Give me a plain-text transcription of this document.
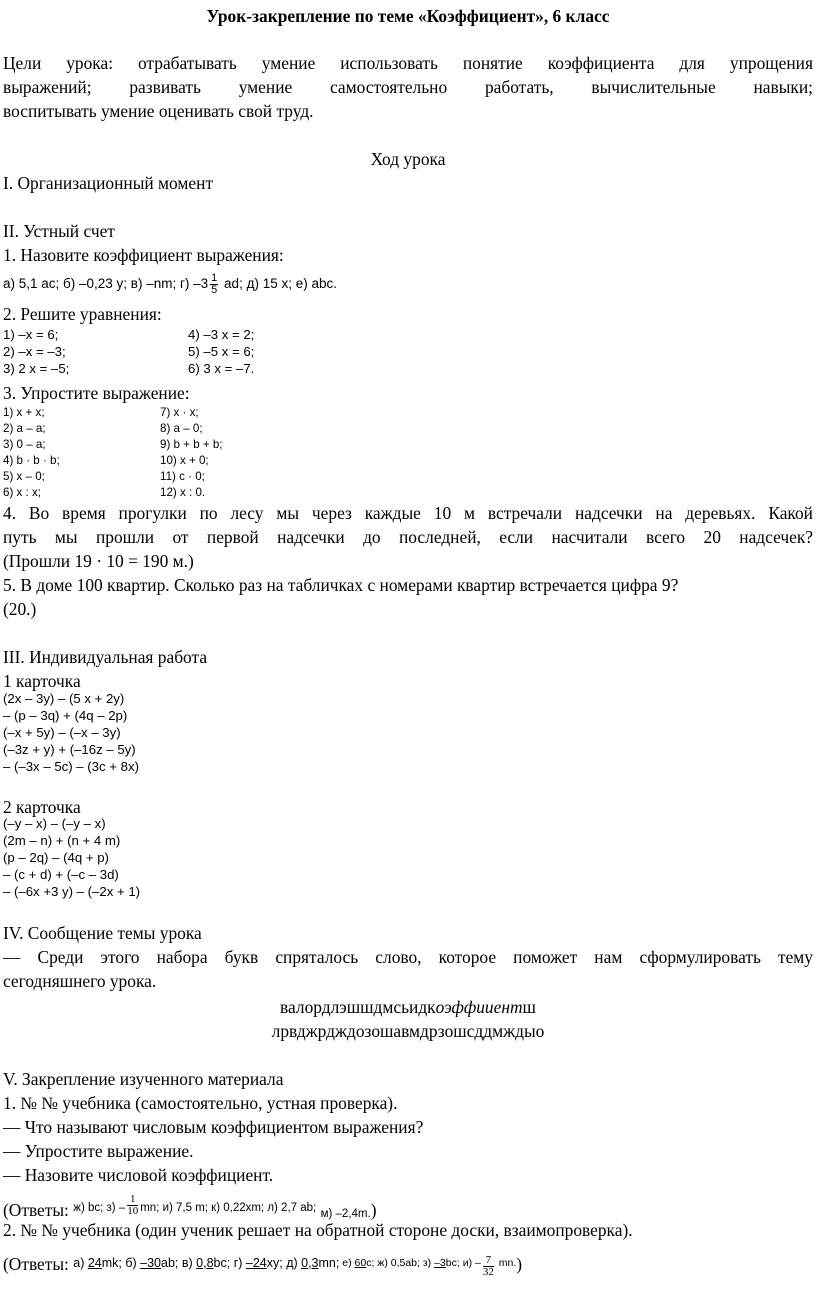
Урок-закрепление по теме «Коэффициент», 6 класс
Цели урока: отрабатывать умение использовать понятие коэффициента для упрощения
выражений; развивать умение самостоятельно работать, вычислительные навыки;
воспитывать умение оценивать свой труд.
Ход урока
I. Организационный момент
II. Устный счет
1. Назовите коэффициент выражения:
а) 5,1 ac; б) –0,23 y; в) –nm; г) $-3 \frac{1}{5}$ ad; д) 15 x; е) abc.
2. Решите уравнения:
1) –x = 6;
2) –x = –3;
3) 2 x = –5;
4) –3 x = 2;
5) –5 x = 6;
6) 3 x = –7.
3. Упростите выражение:
1) x + x;
2) a – a;
3) 0 – a;
4) b · b · b;
5) x – 0;
6) x : x;
7) x · x;
8) a – 0;
9) b + b + b;
10) x + 0;
11) c · 0;
12) x : 0.
4. Во время прогулки по лесу мы через каждые 10 м встречали надсечки на деревьях. Какой
путь мы прошли от первой надсечки до последней, если насчитали всего 20 надсечек?
(Прошли 19 · 10 = 190 м.)
5. В доме 100 квартир. Сколько раз на табличках с номерами квартир встречается цифра 9?
(20.)
III. Индивидуальная работа
1 карточка
(2x – 3y) – (5 x + 2y)
– (p – 3q) + (4q – 2p)
(–x + 5y) – (–x – 3y)
(–3z + y) + (–16z – 5y)
– (–3x – 5c) – (3c + 8x)
2 карточка
(–y – x) – (–y – x)
(2m – n) + (n + 4 m)
(p – 2q) – (4q + p)
– (c + d) + (–c – 3d)
– (–6x +3 y) – (–2x + 1)
IV. Сообщение темы урока
— Среди этого набора букв спряталось слово, которое поможет нам сформулировать тему
сегодняшнего урока.
валордлэшшдмсьидкоэффииентш
лрвджрдждозошавмдрзошсддмждыо
V. Закрепление изученного материала
1. № № учебника (самостоятельно, устная проверка).
— Что называют числовым коэффициентом выражения?
— Упростите выражение.
— Назовите числовой коэффициент.
(Ответы: $^{ж) bc; з) -} \frac{1}{10} ^{mn; и) 7,5 m; к) 0,22xm; л) 2,7 ab;}$ м) –2,4m.)
2. № № учебника (один ученик решает на обратной стороне доски, взаимопроверка).
(Ответы: а) 24mk; б) –30ab; в) 0,8bc; г) –24xy; д) 0,3mn; $^{е) 60c; ж) 0,5ab; з) -3bc; и) -} \frac{7}{32} ^{mn.}$)
